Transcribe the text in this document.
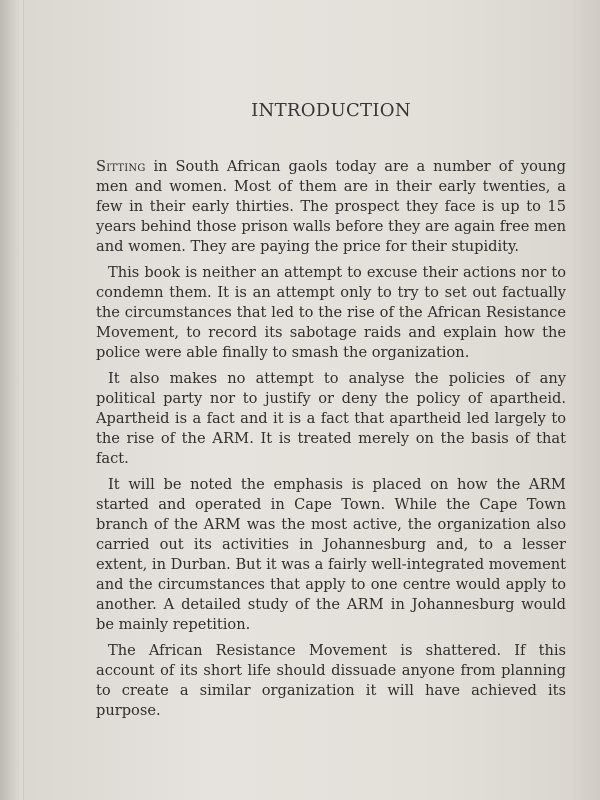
INTRODUCTION

Sitting in South African gaols today are a number of young men and women. Most of them are in their early twenties, a few in their early thirties. The prospect they face is up to 15 years behind those prison walls before they are again free men and women. They are paying the price for their stupidity.

This book is neither an attempt to excuse their actions nor to condemn them. It is an attempt only to try to set out factually the circumstances that led to the rise of the African Resistance Movement, to record its sabotage raids and explain how the police were able finally to smash the organization.

It also makes no attempt to analyse the policies of any political party nor to justify or deny the policy of apartheid. Apartheid is a fact and it is a fact that apartheid led largely to the rise of the ARM. It is treated merely on the basis of that fact.

It will be noted the emphasis is placed on how the ARM started and operated in Cape Town. While the Cape Town branch of the ARM was the most active, the organization also carried out its activities in Johannesburg and, to a lesser extent, in Durban. But it was a fairly well-integrated movement and the circumstances that apply to one centre would apply to another. A detailed study of the ARM in Johannesburg would be mainly repetition.

The African Resistance Movement is shattered. If this account of its short life should dissuade anyone from planning to create a similar organization it will have achieved its purpose.
